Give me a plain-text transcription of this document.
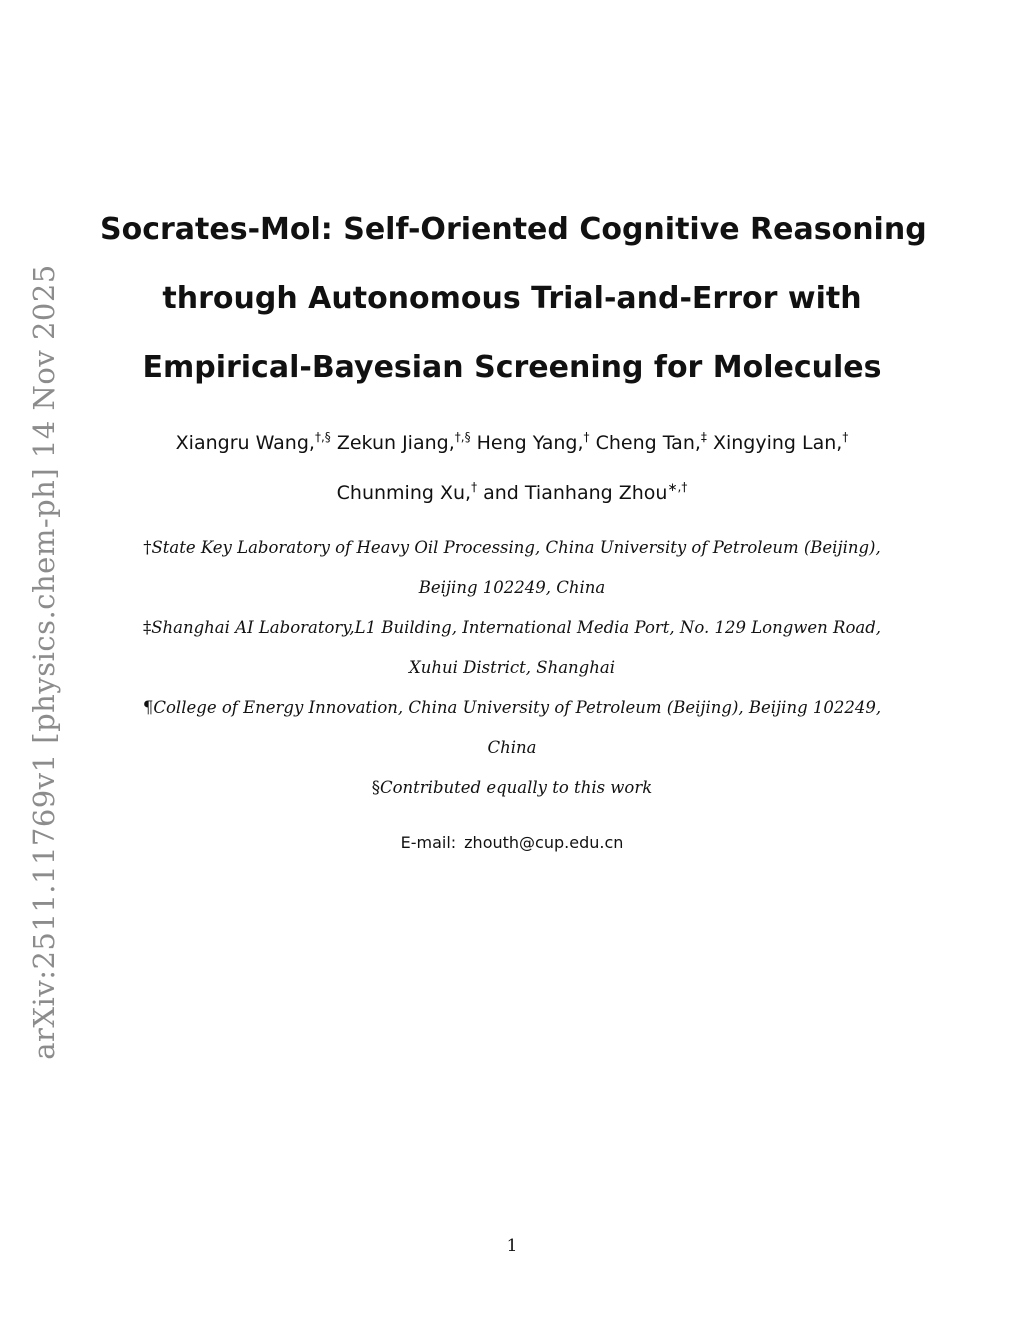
arXiv:2511.11769v1 [physics.chem-ph] 14 Nov 2025
Socrates-Mol: Self-Oriented Cognitive Reasoning
through Autonomous Trial-and-Error with
Empirical-Bayesian Screening for Molecules
Xiangru Wang,†,§ Zekun Jiang,†,§ Heng Yang,† Cheng Tan,‡ Xingying Lan,†
Chunming Xu,† and Tianhang Zhou∗,†
†State Key Laboratory of Heavy Oil Processing, China University of Petroleum (Beijing),
Beijing 102249, China
‡Shanghai AI Laboratory,L1 Building, International Media Port, No. 129 Longwen Road,
Xuhui District, Shanghai
¶College of Energy Innovation, China University of Petroleum (Beijing), Beijing 102249,
China
§Contributed equally to this work
E-mail: zhouth@cup.edu.cn
1
